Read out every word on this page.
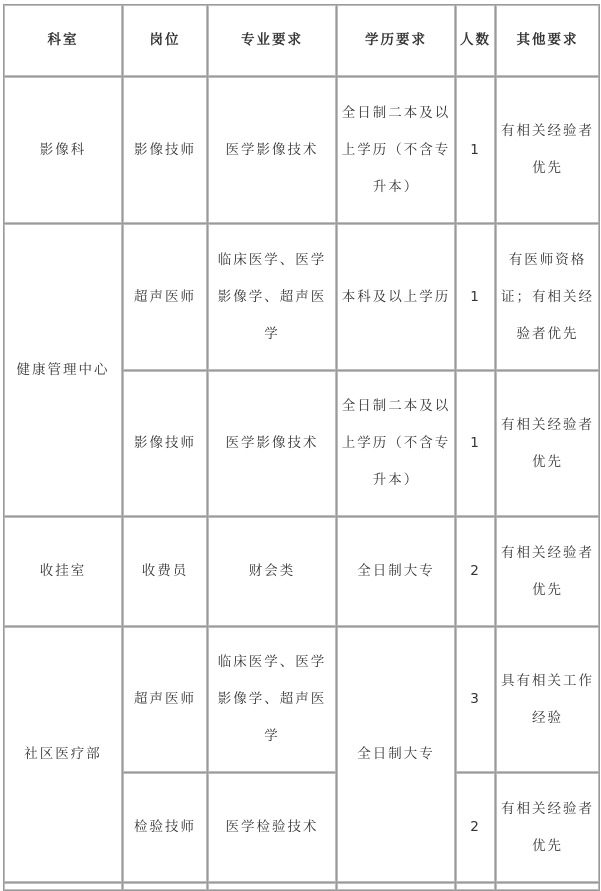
科室	岗位	专业要求	学历要求	人数	其他要求
影像科	影像技师	医学影像技术	全日制二本及以上学历（不含专升本）	1	有相关经验者优先
健康管理中心	超声医师	临床医学、医学影像学、超声医学	本科及以上学历	1	有医师资格证；有相关经验者优先
	影像技师	医学影像技术	全日制二本及以上学历（不含专升本）	1	有相关经验者优先
收挂室	收费员	财会类	全日制大专	2	有相关经验者优先
社区医疗部	超声医师	临床医学、医学影像学、超声医学	全日制大专	3	具有相关工作经验
	检验技师	医学检验技术		2	有相关经验者优先
